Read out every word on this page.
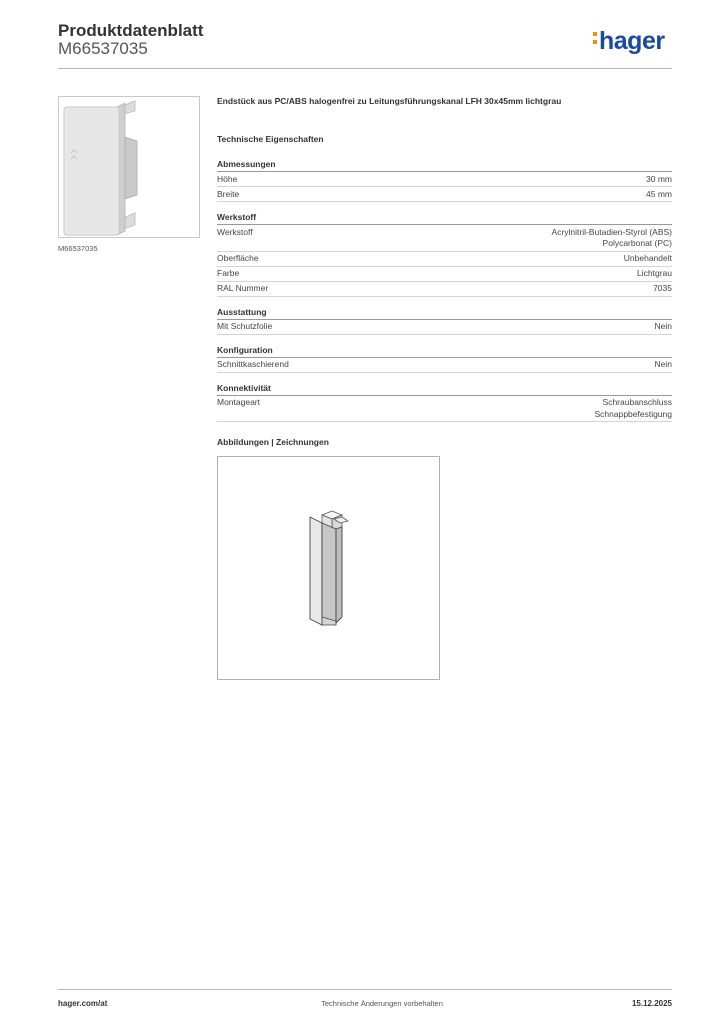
Produktdatenblatt
M66537035	hager
M66537035
Endstück aus PC/ABS halogenfrei zu Leitungsführungskanal LFH 30x45mm lichtgrau
Technische Eigenschaften
Abmessungen
Höhe	30 mm
Breite	45 mm
Werkstoff
Werkstoff	Acrylnitril-Butadien-Styrol (ABS)
Polycarbonat (PC)
Oberfläche	Unbehandelt
Farbe	Lichtgrau
RAL Nummer	7035
Ausstattung
Mit Schutzfolie	Nein
Konfiguration
Schnittkaschierend	Nein
Konnektivität
Montageart	Schraubanschluss
Schnappbefestigung
Abbildungen | Zeichnungen
hager.com/at	Technische Änderungen vorbehalten	15.12.2025
